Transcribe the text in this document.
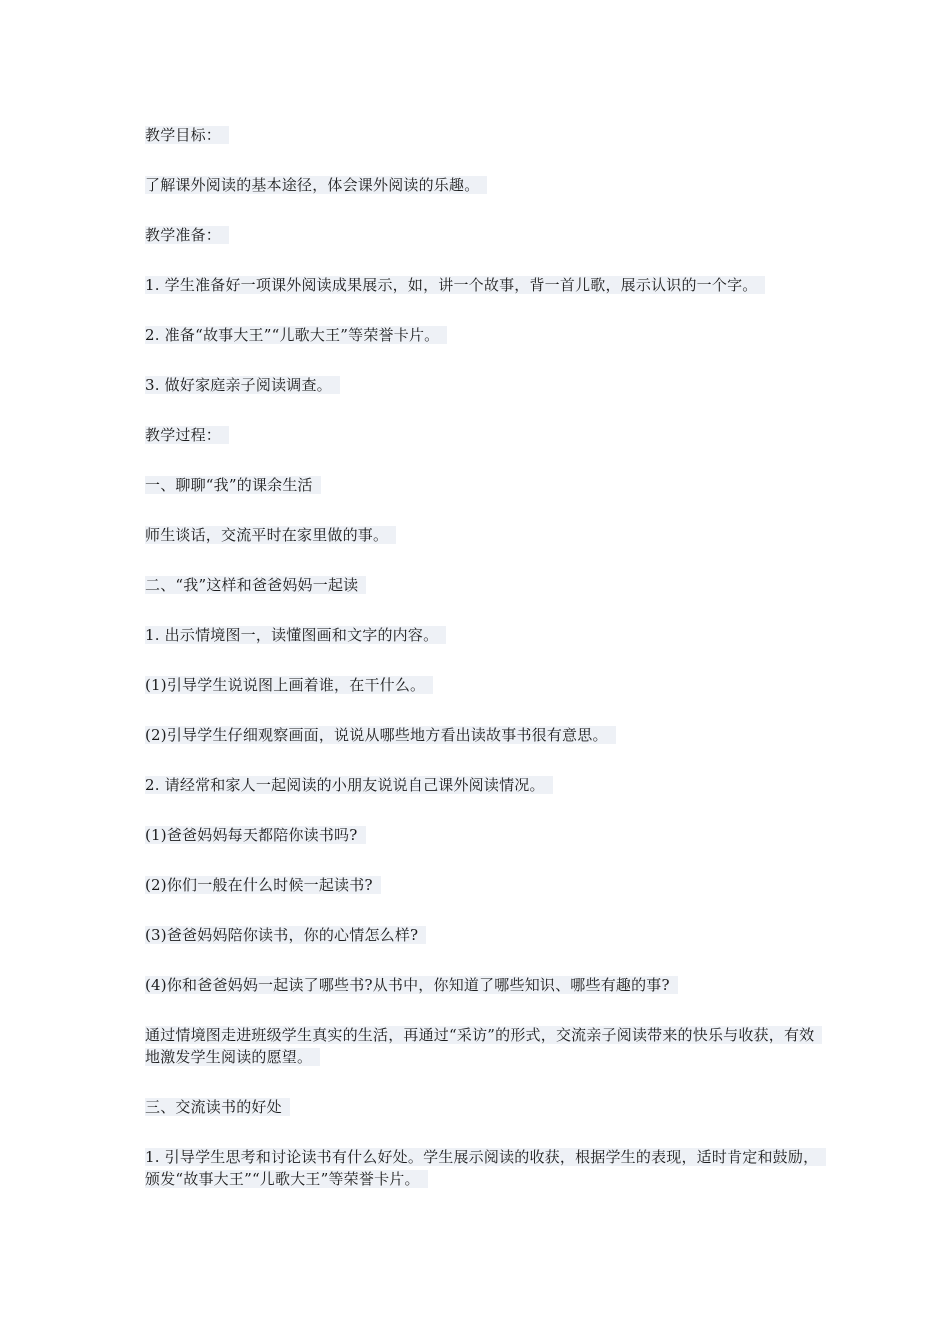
教学目标：

了解课外阅读的基本途径，体会课外阅读的乐趣。

教学准备：

1. 学生准备好一项课外阅读成果展示，如，讲一个故事，背一首儿歌，展示认识的一个字。

2. 准备“故事大王”“儿歌大王”等荣誉卡片。

3. 做好家庭亲子阅读调查。

教学过程：

一、聊聊“我”的课余生活

师生谈话，交流平时在家里做的事。

二、“我”这样和爸爸妈妈一起读

1. 出示情境图一，读懂图画和文字的内容。

(1)引导学生说说图上画着谁，在干什么。

(2)引导学生仔细观察画面，说说从哪些地方看出读故事书很有意思。

2. 请经常和家人一起阅读的小朋友说说自己课外阅读情况。

(1)爸爸妈妈每天都陪你读书吗?

(2)你们一般在什么时候一起读书?

(3)爸爸妈妈陪你读书，你的心情怎么样?

(4)你和爸爸妈妈一起读了哪些书?从书中，你知道了哪些知识、哪些有趣的事?

通过情境图走进班级学生真实的生活，再通过“采访”的形式，交流亲子阅读带来的快乐与收获，有效地激发学生阅读的愿望。

三、交流读书的好处

1. 引导学生思考和讨论读书有什么好处。学生展示阅读的收获，根据学生的表现，适时肯定和鼓励，颁发“故事大王”“儿歌大王”等荣誉卡片。
